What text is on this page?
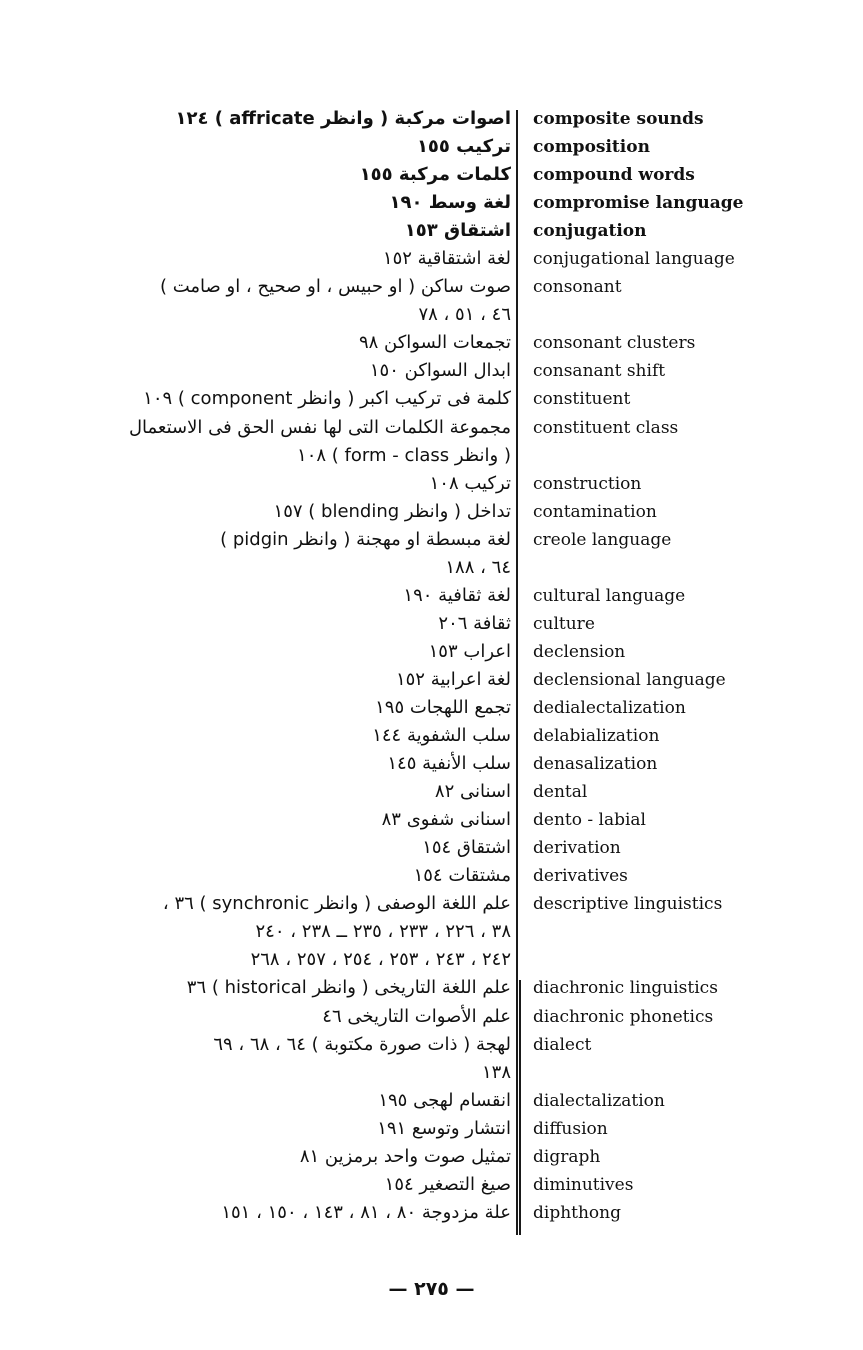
اصوات مركبة ( وانظر affricate ) ١٢٤ composite sounds
تركيب ١٥٥ composition
كلمات مركبة ١٥٥ compound words
لغة وسط ١٩٠ compromise language
اشتقاق ١٥٣ conjugation
لغة اشتقاقية ١٥٢ conjugational language
صوت ساكن ( او حبيس ، او صحيح ، او صامت ) consonant
٤٦ ، ٥١ ، ٧٨
تجمعات السواكن ٩٨ consonant clusters
ابدال السواكن ١٥٠ consanant shift
كلمة فى تركيب اكبر ( وانظر component ) ١٠٩ constituent
مجموعة الكلمات التى لها نفس الحق فى الاستعمال constituent class
( وانظر form - class ) ١٠٨
تركيب ١٠٨ construction
تداخل ( وانظر blending ) ١٥٧ contamination
لغة مبسطة او مهجنة ( وانظر pidgin ) creole language
٦٤ ، ١٨٨
لغة ثقافية ١٩٠ cultural language
ثقافة ٢٠٦ culture
اعراب ١٥٣ declension
لغة اعرابية ١٥٢ declensional language
تجمع اللهجات ١٩٥ dedialectalization
سلب الشفوية ١٤٤ delabialization
سلب الأنفية ١٤٥ denasalization
اسنانى ٨٢ dental
اسنانى شفوى ٨٣ dento - labial
اشتقاق ١٥٤ derivation
مشتقات ١٥٤ derivatives
علم اللغة الوصفى ( وانظر synchronic ) ٣٦ ، descriptive linguistics
٣٨ ، ٢٢٦ ، ٢٣٣ ، ٢٣٥ ــ ٢٣٨ ، ٢٤٠
٢٤٢ ، ٢٤٣ ، ٢٥٣ ، ٢٥٤ ، ٢٥٧ ، ٢٦٨
علم اللغة التاريخى ( وانظر historical ) ٣٦ diachronic linguistics
علم الأصوات التاريخى ٤٦ diachronic phonetics
لهجة ( ذات صورة مكتوبة ) ٦٤ ، ٦٨ ، ٦٩ dialect
١٣٨
انقسام لهجى ١٩٥ dialectalization
انتشار وتوسع ١٩١ diffusion
تمثيل صوت واحد برمزين ٨١ digraph
صيغ التصغير ١٥٤ diminutives
علة مزدوجة ٨٠ ، ٨١ ، ١٤٣ ، ١٥٠ ، ١٥١ diphthong
— ٢٧٥ —
